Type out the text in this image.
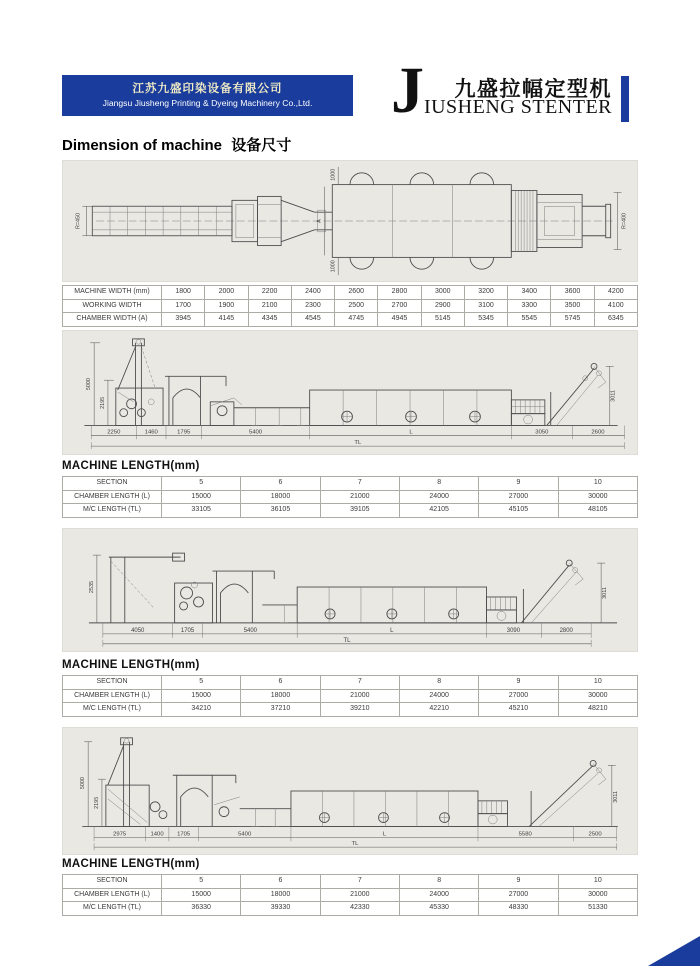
江苏九盛印染设备有限公司
Jiangsu Jiusheng Printing & Dyeing Machinery Co.,Ltd. J	九盛拉幅定型机
IUSHENG STENTER
Dimension of machine 设备尺寸
R=450
1000
1000
A	R=400
MACHINE WIDTH (mm)	1800	2000	2200	2400	2600	2800	3000	3200	3400	3600	4200
WORKING WIDTH	1700	1900	2100	2300	2500	2700	2900	3100	3300	3500	4100
CHAMBER WIDTH (A)	3945	4145	4345	4545	4745	4945	5145	5345	5545	5745	6345
2250	1460	1795	5400	L	3050	2600
TL
5000
2195
3011
MACHINE LENGTH(mm)
SECTION	5	6	7	8	9	10
CHAMBER LENGTH (L)	15000	18000	21000	24000	27000	30000
M/C LENGTH (TL)	33105	36105	39105	42105	45105	48105
4050	1705	5400	L	3090	2800
TL
2535	3011
MACHINE LENGTH(mm)
SECTION	5	6	7	8	9	10
CHAMBER LENGTH (L)	15000	18000	21000	24000	27000	30000
M/C LENGTH (TL)	34210	37210	39210	42210	45210	48210
2975	1400 1705	5400	L	5580	2500
TL
5000
2195	3011
MACHINE LENGTH(mm)
SECTION	5	6	7	8	9	10
CHAMBER LENGTH (L)	15000	18000	21000	24000	27000	30000
M/C LENGTH (TL)	36330	39330	42330	45330	48330	51330
